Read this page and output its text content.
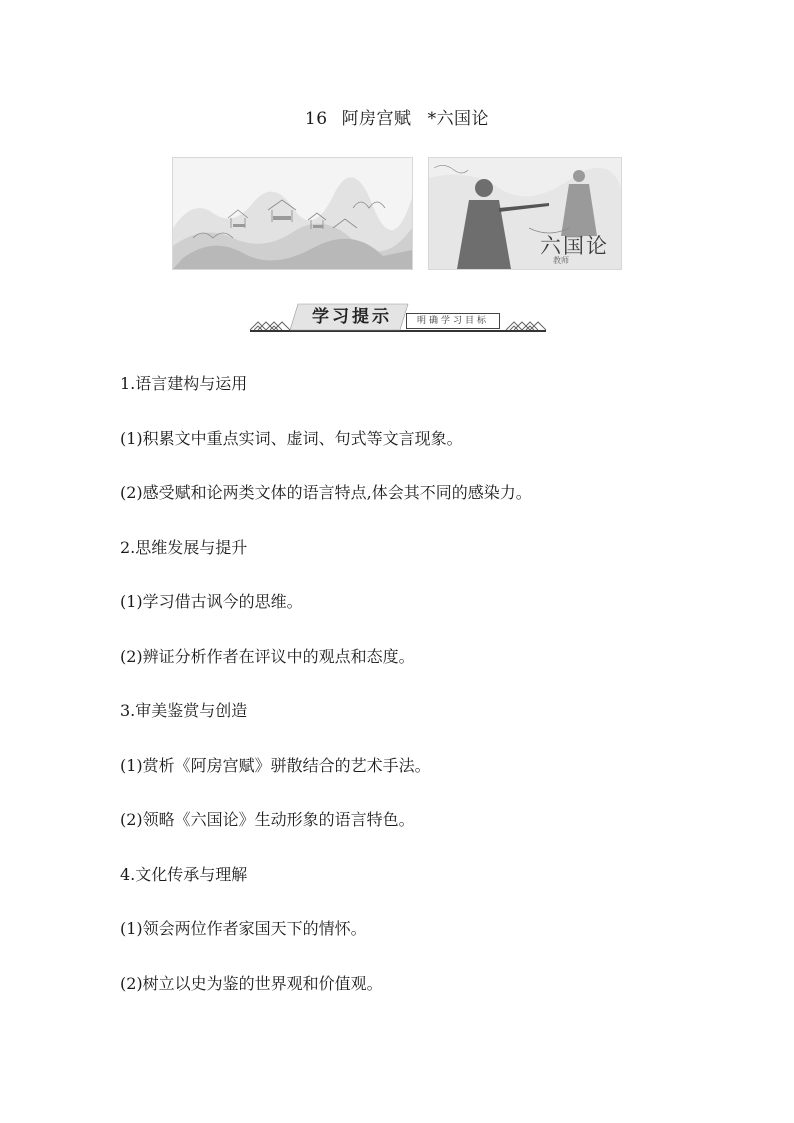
16 阿房宫赋 *六国论
六国论
教师
学习提示	明确学习目标
1.语言建构与运用
(1)积累文中重点实词、虚词、句式等文言现象。
(2)感受赋和论两类文体的语言特点,体会其不同的感染力。
2.思维发展与提升
(1)学习借古讽今的思维。
(2)辨证分析作者在评议中的观点和态度。
3.审美鉴赏与创造
(1)赏析《阿房宫赋》骈散结合的艺术手法。
(2)领略《六国论》生动形象的语言特色。
4.文化传承与理解
(1)领会两位作者家国天下的情怀。
(2)树立以史为鉴的世界观和价值观。
